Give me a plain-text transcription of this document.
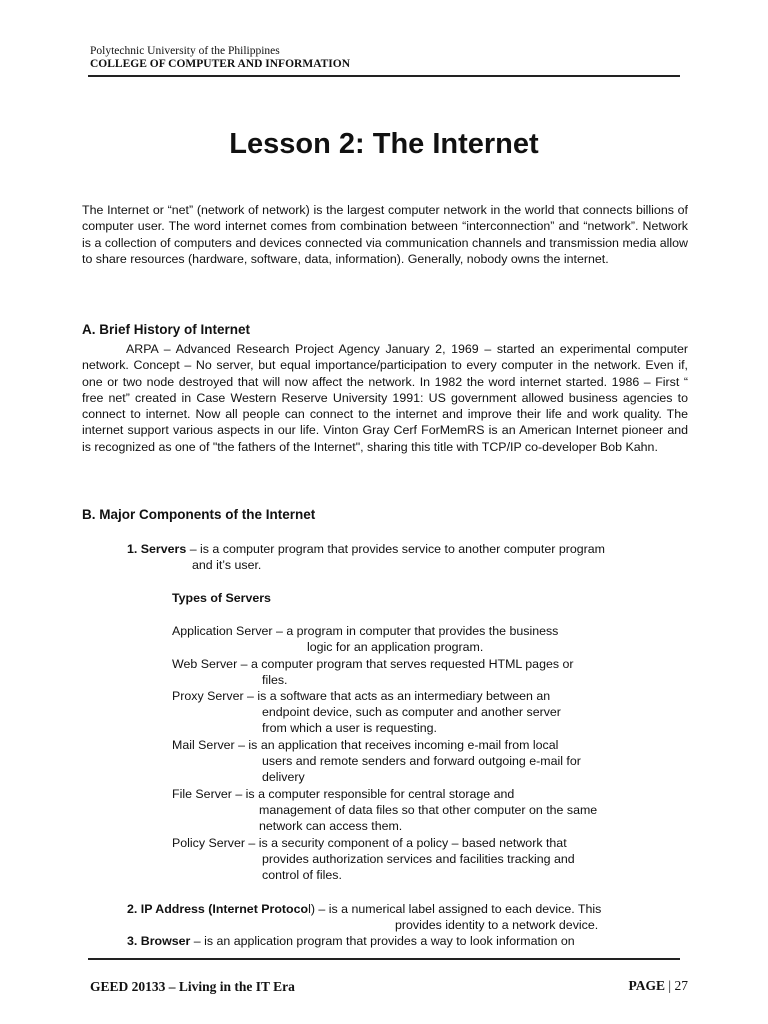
Polytechnic University of the Philippines
COLLEGE OF COMPUTER AND INFORMATION
Lesson 2: The Internet

The Internet or “net” (network of network) is the largest computer network in the world that connects billions of computer user. The word internet comes from combination between “interconnection” and “network”. Network is a collection of computers and devices connected via communication channels and transmission media allow to share resources (hardware, software, data, information). Generally, nobody owns the internet.

A. Brief History of Internet

ARPA – Advanced Research Project Agency January 2, 1969 – started an experimental computer network. Concept – No server, but equal importance/participation to every computer in the network. Even if, one or two node destroyed that will now affect the network. In 1982 the word internet started. 1986 – First “ free net” created in Case Western Reserve University 1991: US government allowed business agencies to connect to internet. Now all people can connect to the internet and improve their life and work quality. The internet support various aspects in our life. Vinton Gray Cerf ForMemRS is an American Internet pioneer and is recognized as one of "the fathers of the Internet", sharing this title with TCP/IP co-developer Bob Kahn.

B. Major Components of the Internet
1. Servers – is a computer program that provides service to another computer program
and it’s user.
Types of Servers
Application Server – a program in computer that provides the business
logic for an application program.
Web Server – a computer program that serves requested HTML pages or
files.
Proxy Server – is a software that acts as an intermediary between an
endpoint device, such as computer and another server
from which a user is requesting.
Mail Server – is an application that receives incoming e-mail from local
users and remote senders and forward outgoing e-mail for
delivery
File Server – is a computer responsible for central storage and
management of data files so that other computer on the same
network can access them.
Policy Server – is a security component of a policy – based network that
provides authorization services and facilities tracking and
control of files.
2. IP Address (Internet Protocol) – is a numerical label assigned to each device. This
provides identity to a network device.
3. Browser – is an application program that provides a way to look information on
GEED 20133 – Living in the IT Era	PAGE | 27
